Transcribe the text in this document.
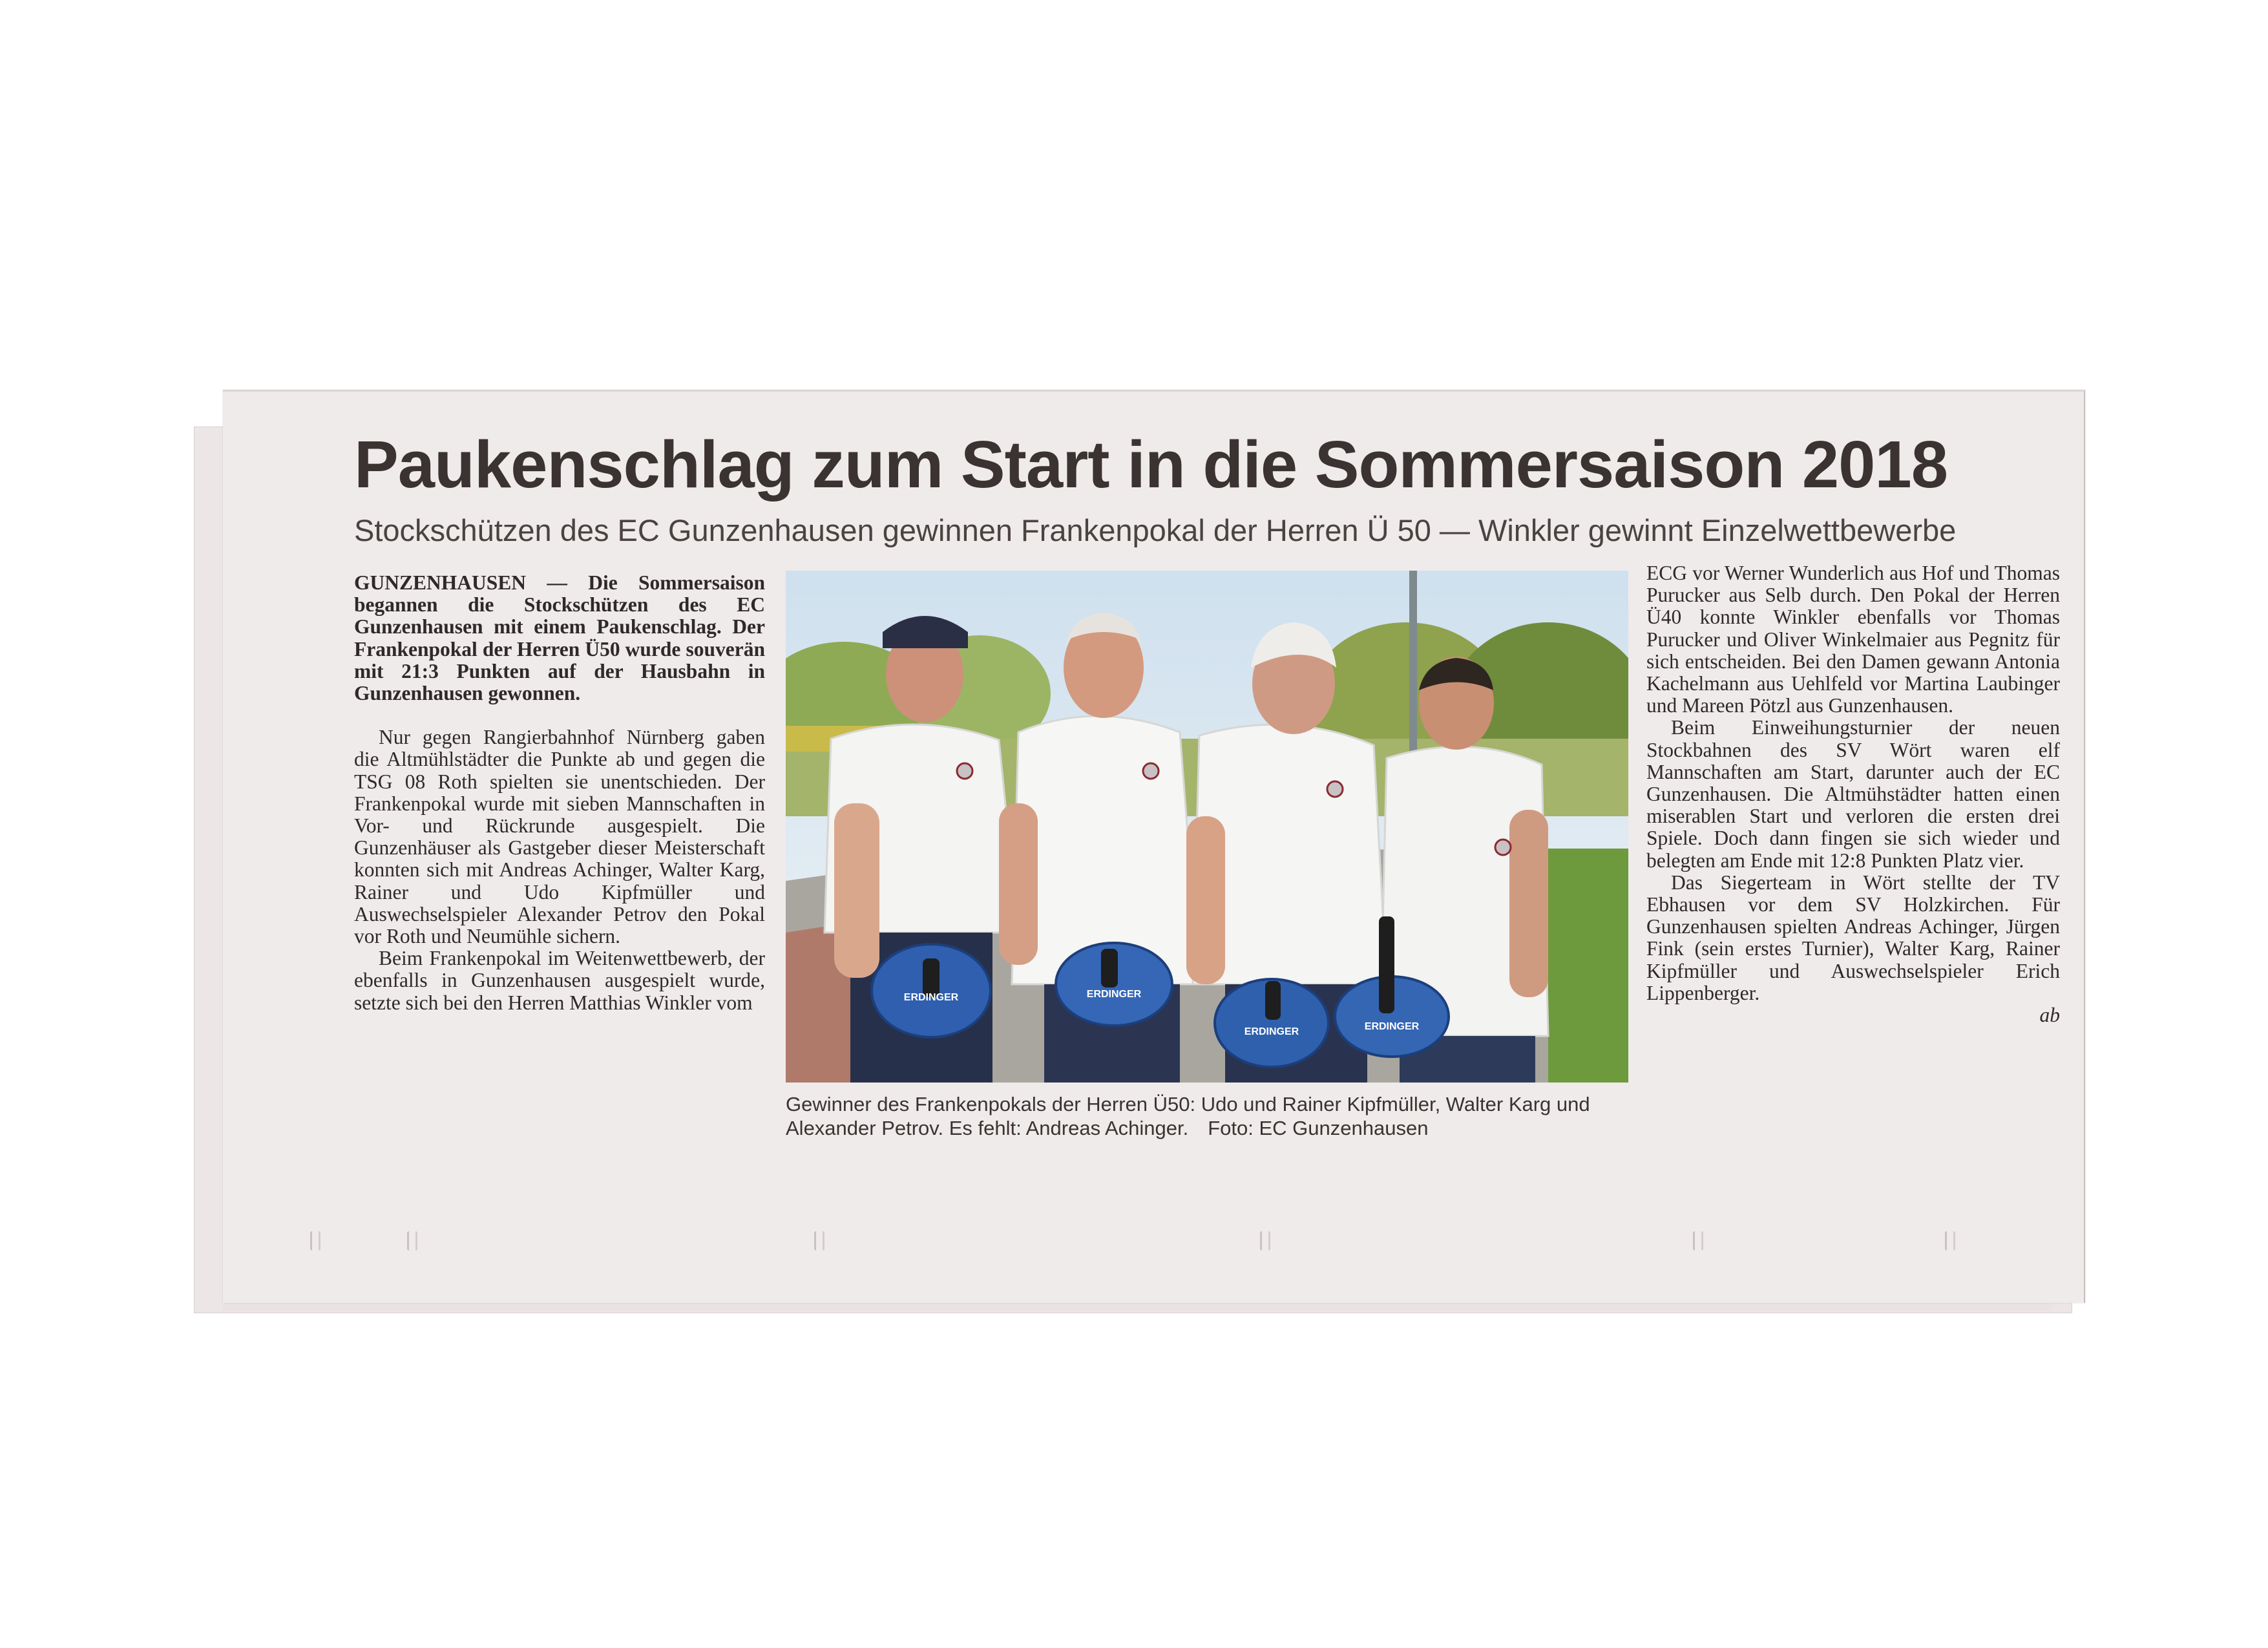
Paukenschlag zum Start in die Sommersaison 2018
Stockschützen des EC Gunzenhausen gewinnen Frankenpokal der Herren Ü 50 — Winkler gewinnt Einzelwettbewerbe

GUNZENHAUSEN — Die Sommersaison begannen die Stockschützen des EC Gunzenhausen mit einem Paukenschlag. Der Frankenpokal der Herren Ü50 wurde souverän mit 21:3 Punkten auf der Hausbahn in Gunzenhausen gewonnen.

Nur gegen Rangierbahnhof Nürnberg gaben die Altmühlstädter die Punkte ab und gegen die TSG 08 Roth spielten sie unentschieden. Der Frankenpokal wurde mit sieben Mannschaften in Vor- und Rückrunde ausgespielt. Die Gunzenhäuser als Gastgeber dieser Meisterschaft konnten sich mit Andreas Achinger, Walter Karg, Rainer und Udo Kipfmüller und Auswechselspieler Alexander Petrov den Pokal vor Roth und Neumühle sichern.

Beim Frankenpokal im Weitenwettbewerb, der ebenfalls in Gunzenhausen ausgespielt wurde, setzte sich bei den Herren Matthias Winkler vom	ERDINGER	ERDINGER
ERDINGER	ERDINGER
Gewinner des Frankenpokals der Herren Ü50: Udo und Rainer Kipfmüller, Walter Karg und Alexander Petrov. Es fehlt: Andreas Achinger. Foto: EC Gunzenhausen

ECG vor Werner Wunderlich aus Hof und Thomas Purucker aus Selb durch. Den Pokal der Herren Ü40 konnte Winkler ebenfalls vor Thomas Purucker und Oliver Winkelmaier aus Pegnitz für sich entscheiden. Bei den Damen gewann Antonia Kachelmann aus Uehlfeld vor Martina Laubinger und Mareen Pötzl aus Gunzenhausen.

Beim Einweihungsturnier der neuen Stockbahnen des SV Wört waren elf Mannschaften am Start, darunter auch der EC Gunzenhausen. Die Altmühstädter hatten einen miserablen Start und verloren die ersten drei Spiele. Doch dann fingen sie sich wieder und belegten am Ende mit 12:8 Punkten Platz vier.

Das Siegerteam in Wört stellte der TV Ebhausen vor dem SV Holzkirchen. Für Gunzenhausen spielten Andreas Achinger, Jürgen Fink (sein erstes Turnier), Walter Karg, Rainer Kipfmüller und Auswechselspieler Erich Lippenberger.

ab
